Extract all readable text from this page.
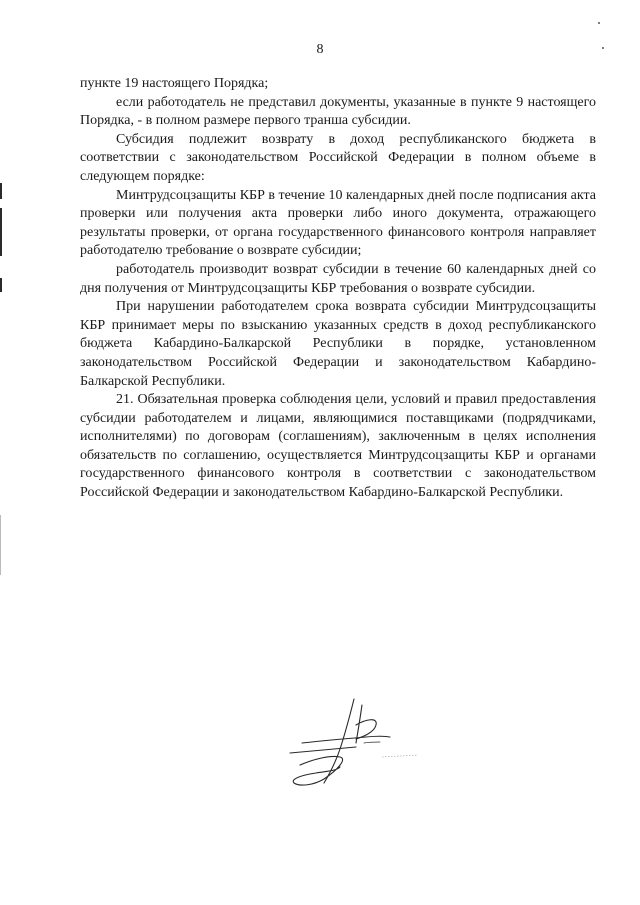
8

пункте 19 настоящего Порядка;

если работодатель не представил документы, указанные в пункте 9 настоящего Порядка, - в полном размере первого транша субсидии.

Субсидия подлежит возврату в доход республиканского бюджета в соответствии с законодательством Российской Федерации в полном объеме в следующем порядке:

Минтрудсоцзащиты КБР в течение 10 календарных дней после подписания акта проверки или получения акта проверки либо иного документа, отражающего результаты проверки, от органа государственного финансового контроля направляет работодателю требование о возврате субсидии;

работодатель производит возврат субсидии в течение 60 календарных дней со дня получения от Минтрудсоцзащиты КБР требования о возврате субсидии.

При нарушении работодателем срока возврата субсидии Минтрудсоцзащиты КБР принимает меры по взысканию указанных средств в доход республиканского бюджета Кабардино-Балкарской Республики в порядке, установленном законодательством Российской Федерации и законодательством Кабардино-Балкарской Республики.

21. Обязательная проверка соблюдения цели, условий и правил предоставления субсидии работодателем и лицами, являющимися поставщиками (подрядчиками, исполнителями) по договорам (соглашениям), заключенным в целях исполнения обязательств по соглашению, осуществляется Минтрудсоцзащиты КБР и органами государственного финансового контроля в соответствии с законодательством Российской Федерации и законодательством Кабардино-Балкарской Республики.
